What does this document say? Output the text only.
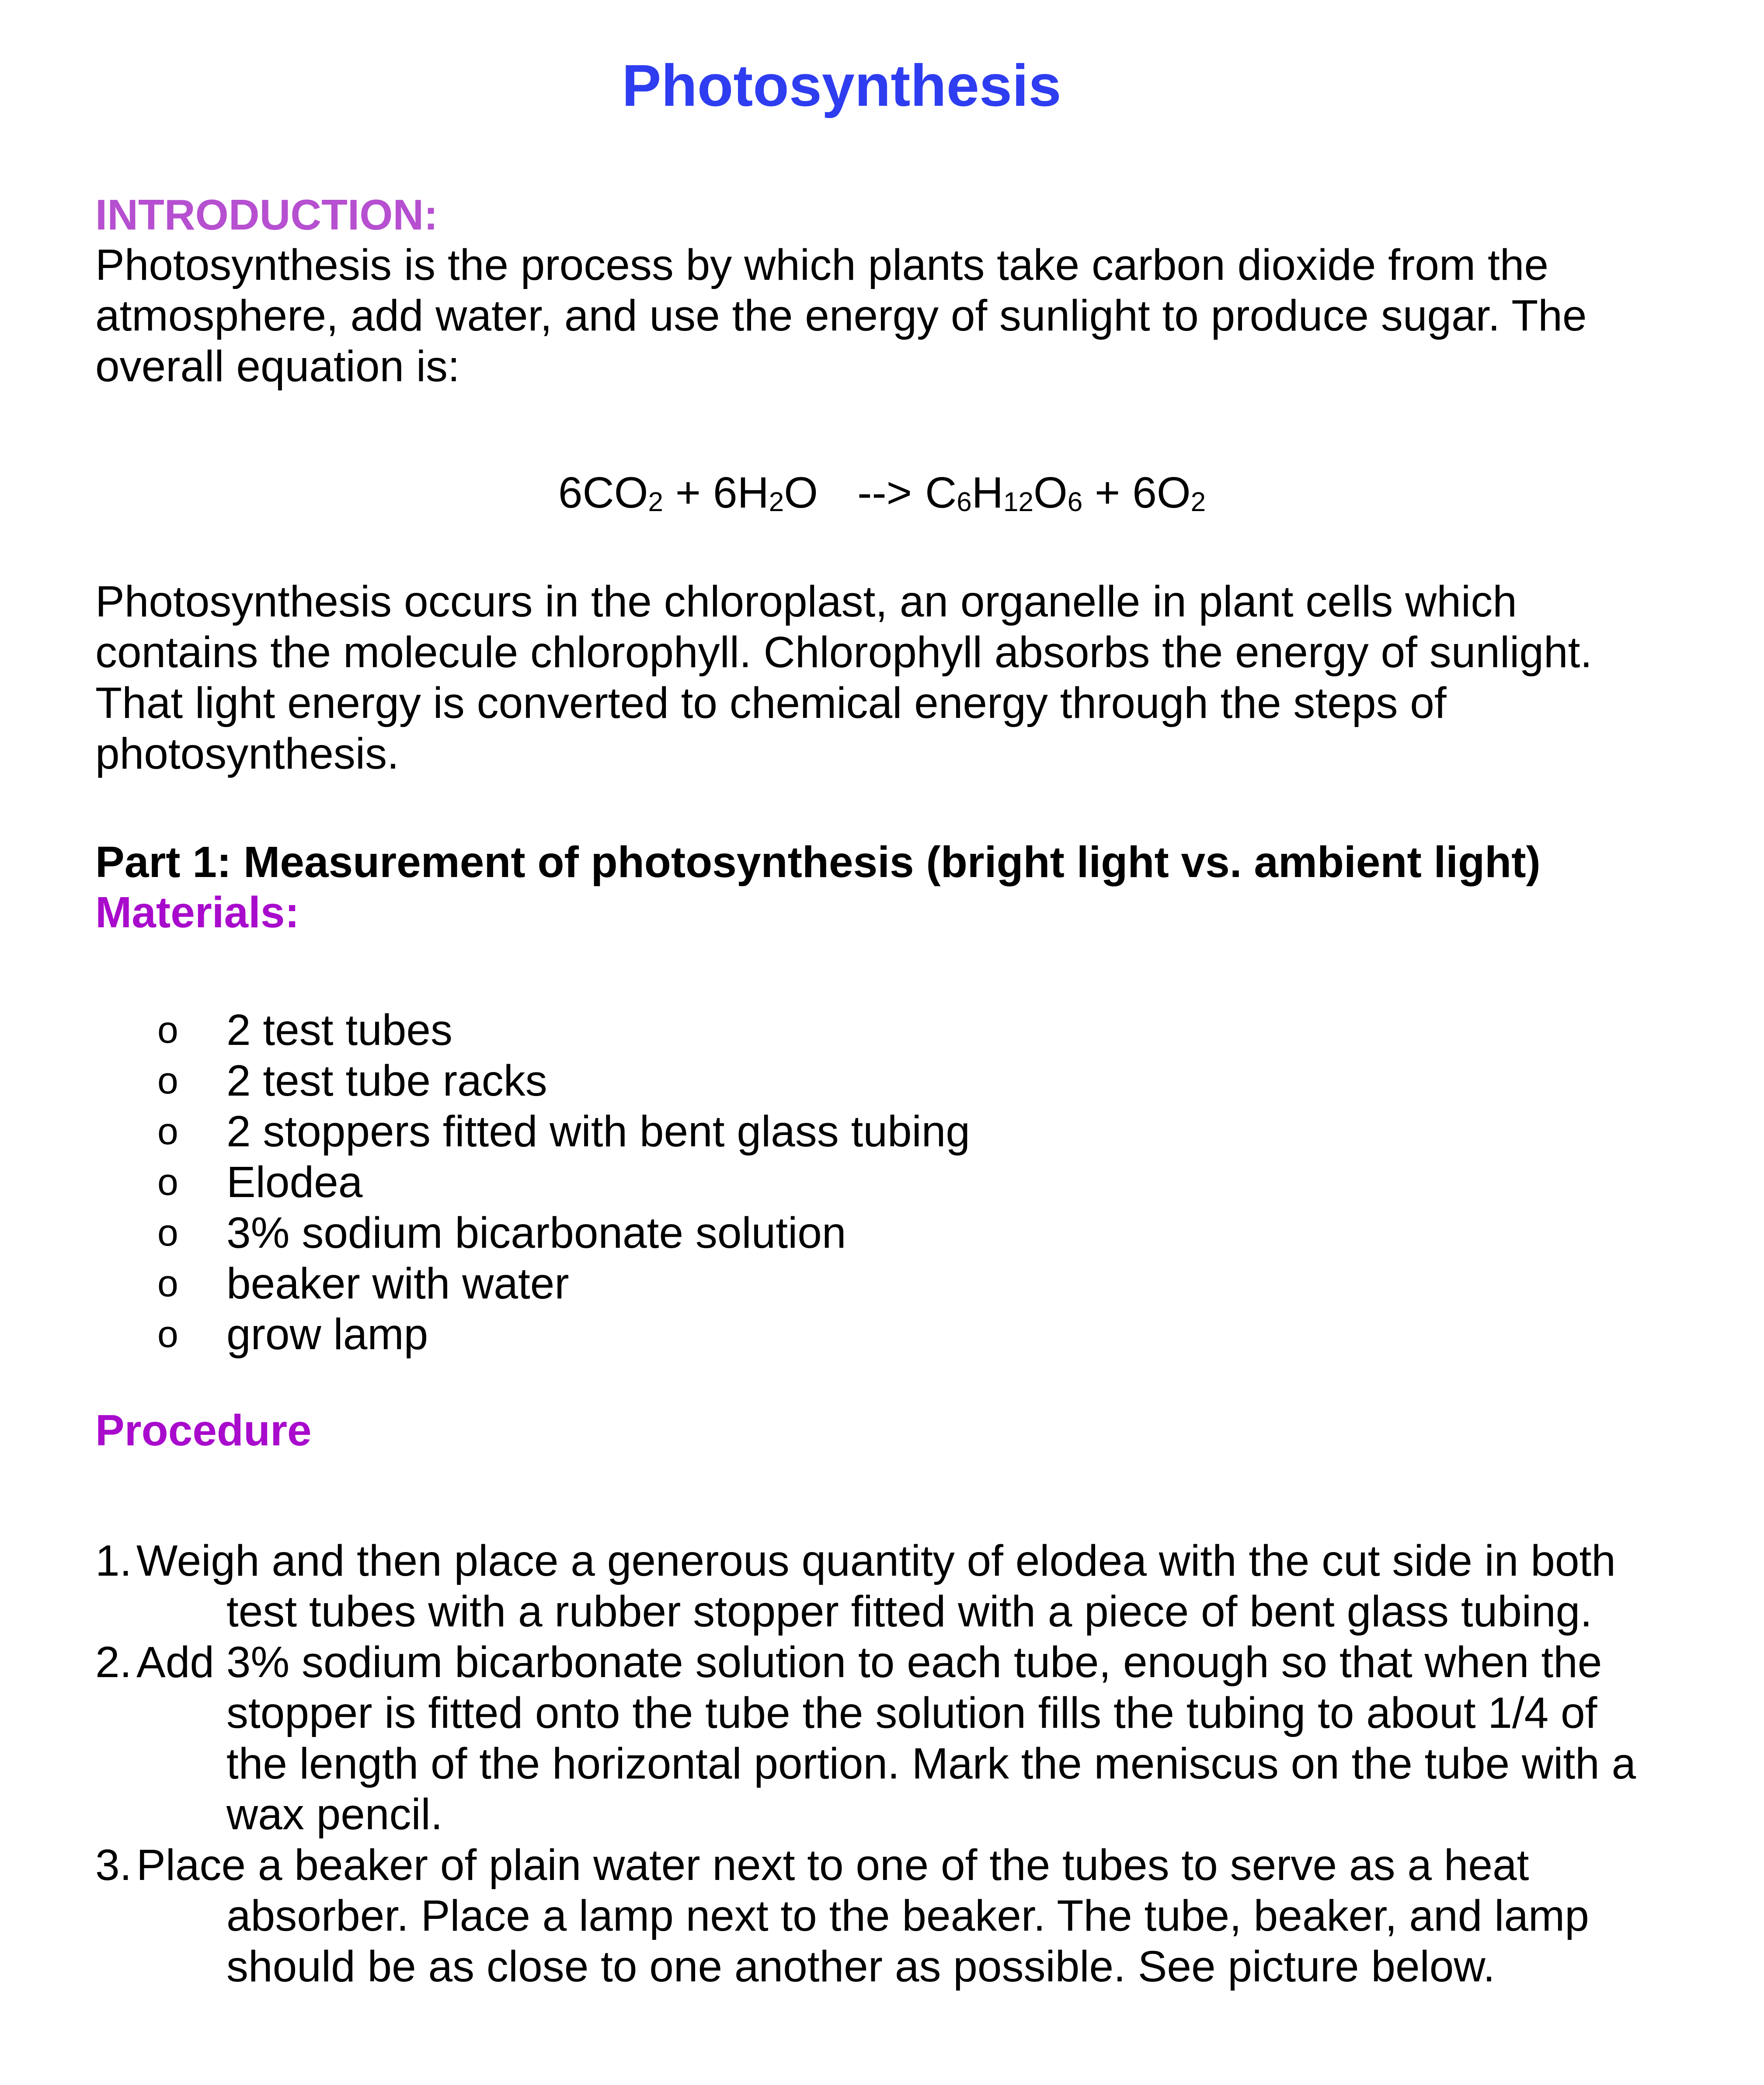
Photosynthesis
INTRODUCTION:
Photosynthesis is the process by which plants take carbon dioxide from the
atmosphere, add water, and use the energy of sunlight to produce sugar. The
overall equation is:
$6CO_2 + 6H_2O$ --> $C_6H_{12}O_6 + 6O_2$
Photosynthesis occurs in the chloroplast, an organelle in plant cells which
contains the molecule chlorophyll. Chlorophyll absorbs the energy of sunlight.
That light energy is converted to chemical energy through the steps of
photosynthesis.
Part 1: Measurement of photosynthesis (bright light vs. ambient light)
Materials:
o 2 test tubes
o 2 test tube racks
o 2 stoppers fitted with bent glass tubing
o Elodea
o 3% sodium bicarbonate solution
o beaker with water
o grow lamp
Procedure
1. Weigh and then place a generous quantity of elodea with the cut side in both
test tubes with a rubber stopper fitted with a piece of bent glass tubing.
2. Add 3% sodium bicarbonate solution to each tube, enough so that when the
stopper is fitted onto the tube the solution fills the tubing to about 1/4 of
the length of the horizontal portion. Mark the meniscus on the tube with a
wax pencil.
3. Place a beaker of plain water next to one of the tubes to serve as a heat
absorber. Place a lamp next to the beaker. The tube, beaker, and lamp
should be as close to one another as possible. See picture below.
